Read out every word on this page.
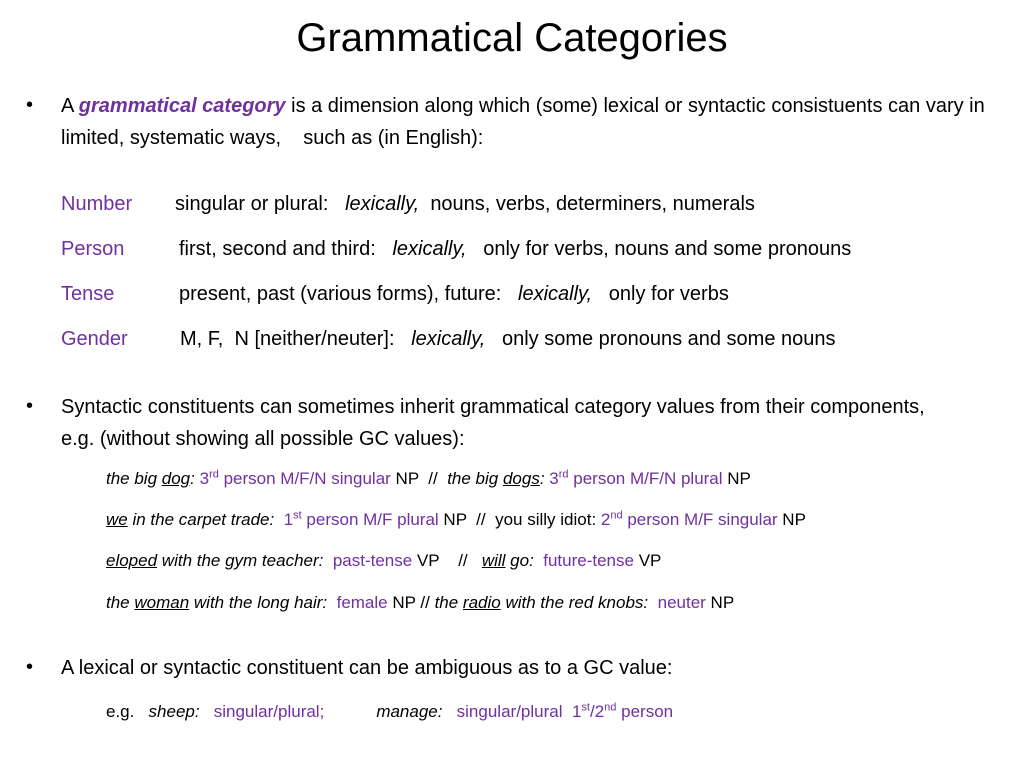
Grammatical Categories
• A grammatical category is a dimension along which (some) lexical or syntactic consistuents can vary in limited, systematic ways,    such as (in English):
Number singular or plural: lexically, nouns, verbs, determiners, numerals
Person	first, second and third: lexically, only for verbs, nouns and some pronouns
Tense	present, past (various forms), future: lexically, only for verbs
Gender	M, F,  N [neither/neuter]: lexically, only some pronouns and some nouns
• Syntactic constituents can sometimes inherit grammatical category values from their components, e.g. (without showing all possible GC values):
the big dog: 3rd person M/F/N singular NP  //  the big dogs: 3rd person M/F/N plural NP
we in the carpet trade: 1st person M/F plural NP  //  you silly idiot: 2nd person M/F singular NP
eloped with the gym teacher: past-tense VP    //   will go: future-tense VP
the woman with the long hair: female NP // the radio with the red knobs: neuter NP
• A lexical or syntactic constituent can be ambiguous as to a GC value:
e.g. sheep: singular/plural;	manage: singular/plural  1st/2nd person
